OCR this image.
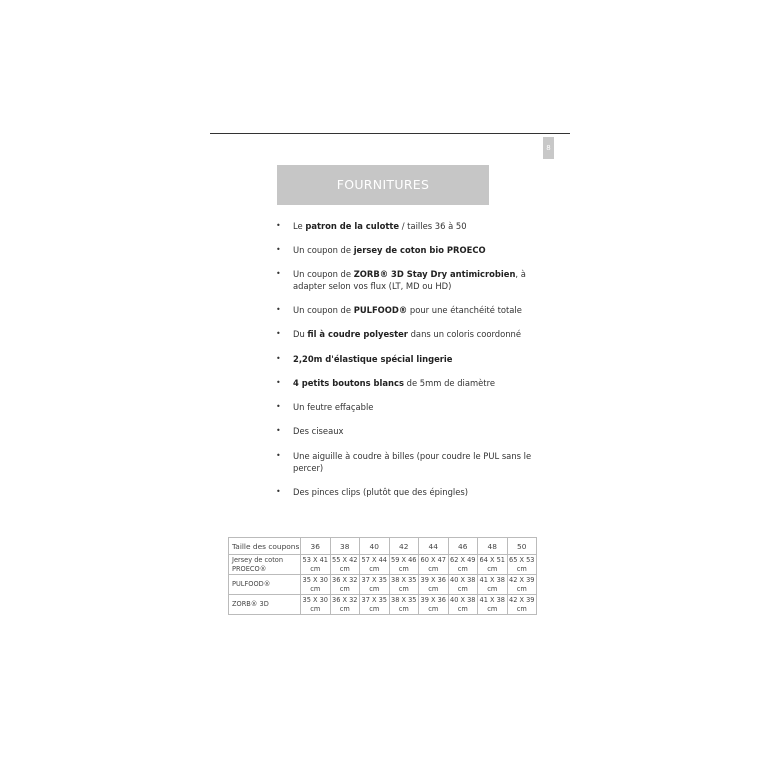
8
FOURNITURES
• Le patron de la culotte / tailles 36 à 50
• Un coupon de jersey de coton bio PROECO
• Un coupon de ZORB® 3D Stay Dry antimicrobien, à adapter selon vos flux (LT, MD ou HD)
• Un coupon de PULFOOD® pour une étanchéité totale
• Du fil à coudre polyester dans un coloris coordonné
• 2,20m d'élastique spécial lingerie
• 4 petits boutons blancs de 5mm de diamètre
• Un feutre effaçable
• Des ciseaux
• Une aiguille à coudre à billes (pour coudre le PUL sans le percer)
• Des pinces clips (plutôt que des épingles)
Taille des coupons	36	38	40	42	44	46	48	50
Jersey de coton PROECO®	53 X 41 cm	55 X 42 cm	57 X 44 cm	59 X 46 cm	60 X 47 cm	62 X 49 cm	64 X 51 cm	65 X 53 cm
PULFOOD®	35 X 30 cm	36 X 32 cm	37 X 35 cm	38 X 35 cm	39 X 36 cm	40 X 38 cm	41 X 38 cm	42 X 39 cm
ZORB® 3D	35 X 30 cm	36 X 32 cm	37 X 35 cm	38 X 35 cm	39 X 36 cm	40 X 38 cm	41 X 38 cm	42 X 39 cm
